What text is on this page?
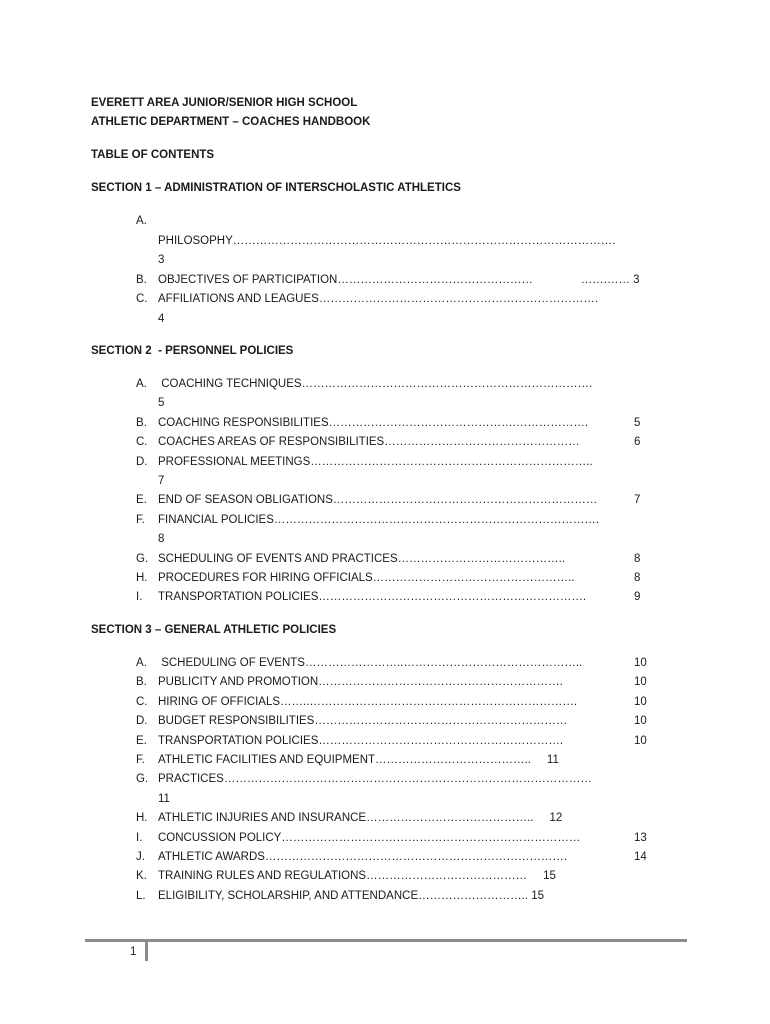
EVERETT AREA JUNIOR/SENIOR HIGH SCHOOL
ATHLETIC DEPARTMENT – COACHES HANDBOOK
TABLE OF CONTENTS
SECTION 1 – ADMINISTRATION OF INTERSCHOLASTIC ATHLETICS
A.
PHILOSOPHY……………………………………………………………………………………….
3
B. OBJECTIVES OF PARTICIPATION……………………………………………               …….…… 3
C. AFFILIATIONS AND LEAGUES……………………………………………………………….
4
SECTION 2  - PERSONNEL POLICIES
A. COACHING TECHNIQUES………………………………………………………………….
5
B. COACHING RESPONSIBILITIES………………………………………….……………….	5
C. COACHES AREAS OF RESPONSIBILITIES……………………………………………	6
D. PROFESSIONAL MEETINGS………………………………………………………………..
7
E. END OF SEASON OBLIGATIONS……………………………………………………………	7
F. FINANCIAL POLICIES………………………………………………………………………….
8
G. SCHEDULING OF EVENTS AND PRACTICES……………………………………..	8
H. PROCEDURES FOR HIRING OFFICIALS……………………………………………..	8
I. TRANSPORTATION POLICIES…………………………………………………………….	9
SECTION 3 – GENERAL ATHLETIC POLICIES
A. SCHEDULING OF EVENTS……………………..………………………………………..	10
B. PUBLICITY AND PROMOTION……………………………………………………….	10
C. HIRING OF OFFICIALS……..…………………………………………………………….	10
D. BUDGET RESPONSIBILITIES…………………………………………………………	10
E. TRANSPORTATION POLICIES……………………………………………………….	10
F. ATHLETIC FACILITIES AND EQUIPMENT…………………………………..     11
G. PRACTICES……………………………………………………………………………………
11
H. ATHLETIC INJURIES AND INSURANCE……………………………………..     12
I. CONCUSSION POLICY……………………………………………………………………	13
J. ATHLETIC AWARDS…………………………………………………………………….	14
K. TRAINING RULES AND REGULATIONS……………………………………     15
L. ELIGIBILITY, SCHOLARSHIP, AND ATTENDANCE……………………….. 15
1
